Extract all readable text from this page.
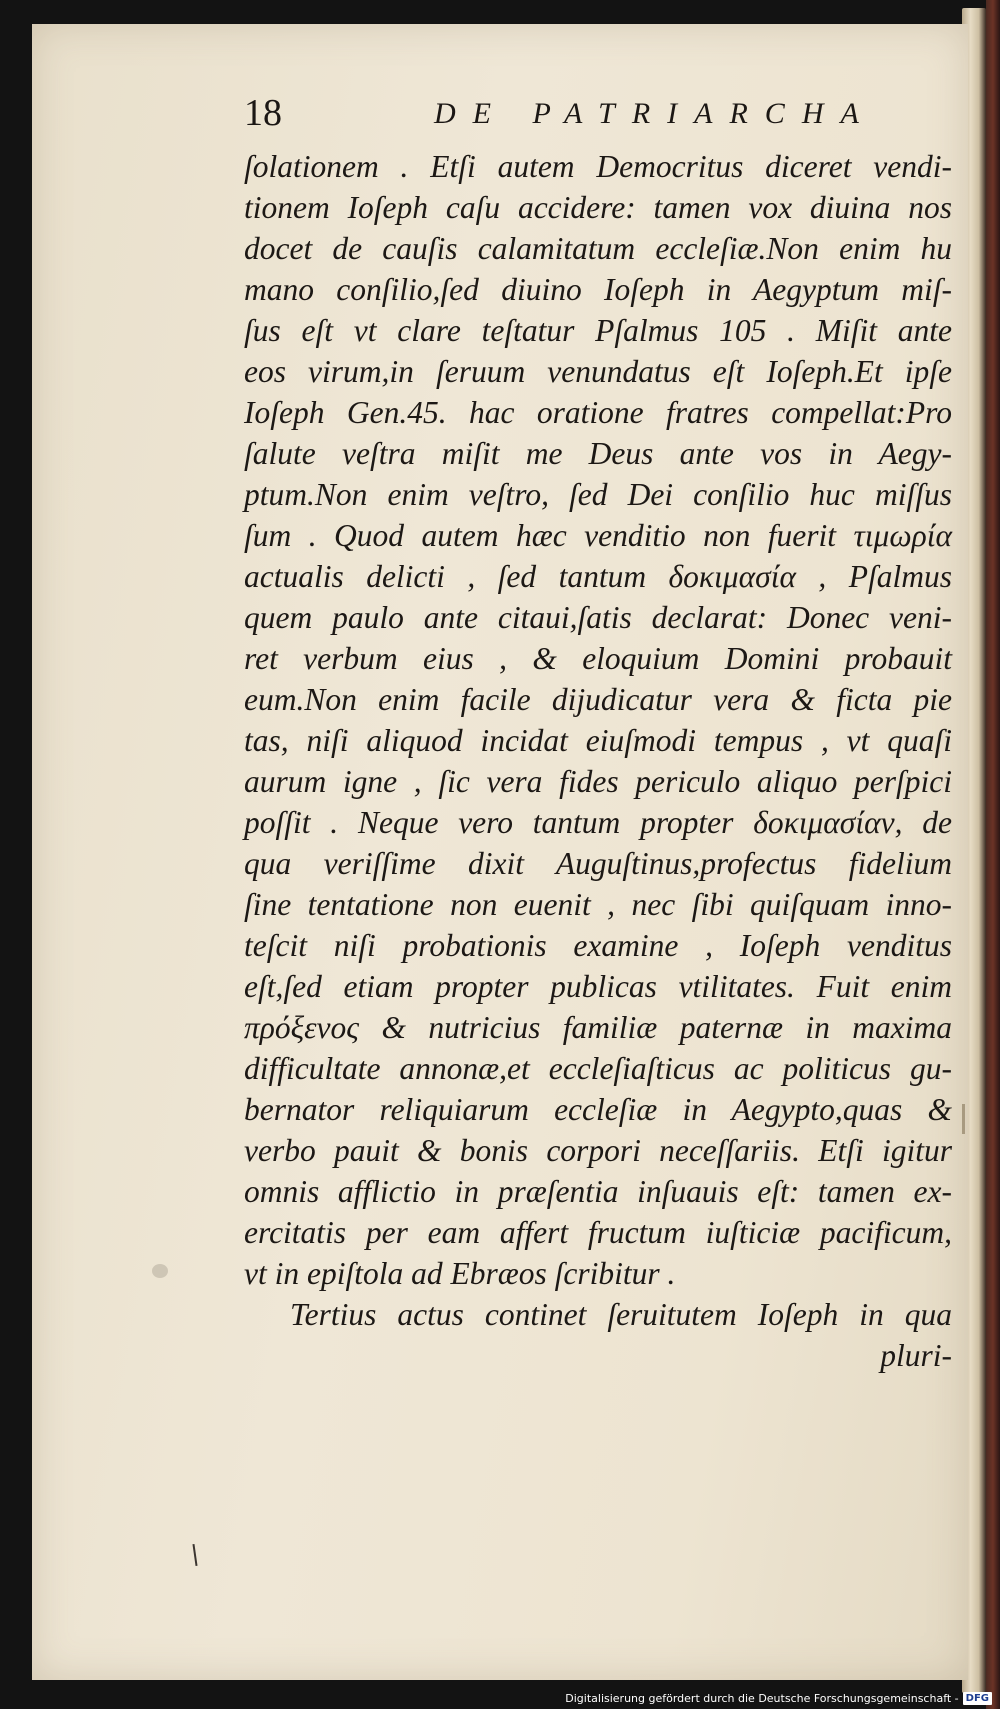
18	DE PATRIARCHA
ſolationem . Etſi autem Democritus diceret vendi-
tionem Ioſeph caſu accidere: tamen vox diuina nos
docet de cauſis calamitatum eccleſiæ.Non enim hu
mano conſilio,ſed diuino Ioſeph in Aegyptum miſ-
ſus eſt vt clare teſtatur Pſalmus 105 . Miſit ante
eos virum,in ſeruum venundatus eſt Ioſeph.Et ipſe
Ioſeph Gen.45. hac oratione fratres compellat:Pro
ſalute veſtra miſit me Deus ante vos in Aegy-
ptum.Non enim veſtro, ſed Dei conſilio huc miſſus
ſum . Quod autem hæc venditio non fuerit τιμωρία
actualis delicti , ſed tantum δοκιμασία , Pſalmus
quem paulo ante citaui,ſatis declarat: Donec veni-
ret verbum eius , & eloquium Domini probauit
eum.Non enim facile dijudicatur vera & ficta pie
tas, niſi aliquod incidat eiuſmodi tempus , vt quaſi
aurum igne , ſic vera fides periculo aliquo perſpici
poſſit . Neque vero tantum propter δοκιμασίαν, de
qua veriſſime dixit Auguſtinus,profectus fidelium
ſine tentatione non euenit , nec ſibi quiſquam inno-
teſcit niſi probationis examine , Ioſeph venditus
eſt,ſed etiam propter publicas vtilitates. Fuit enim
πρόξενος & nutricius familiæ paternæ in maxima
difficultate annonæ,et eccleſiaſticus ac politicus gu-
bernator reliquiarum eccleſiæ in Aegypto,quas &
verbo pauit & bonis corpori neceſſariis. Etſi igitur
omnis afflictio in præſentia inſuauis eſt: tamen ex-
ercitatis per eam affert fructum iuſticiæ pacificum,
vt in epiſtola ad Ebræos ſcribitur .
Tertius actus continet ſeruitutem Ioſeph in qua
pluri-
Digitalisierung gefördert durch die Deutsche Forschungsgemeinschaft - DFG
